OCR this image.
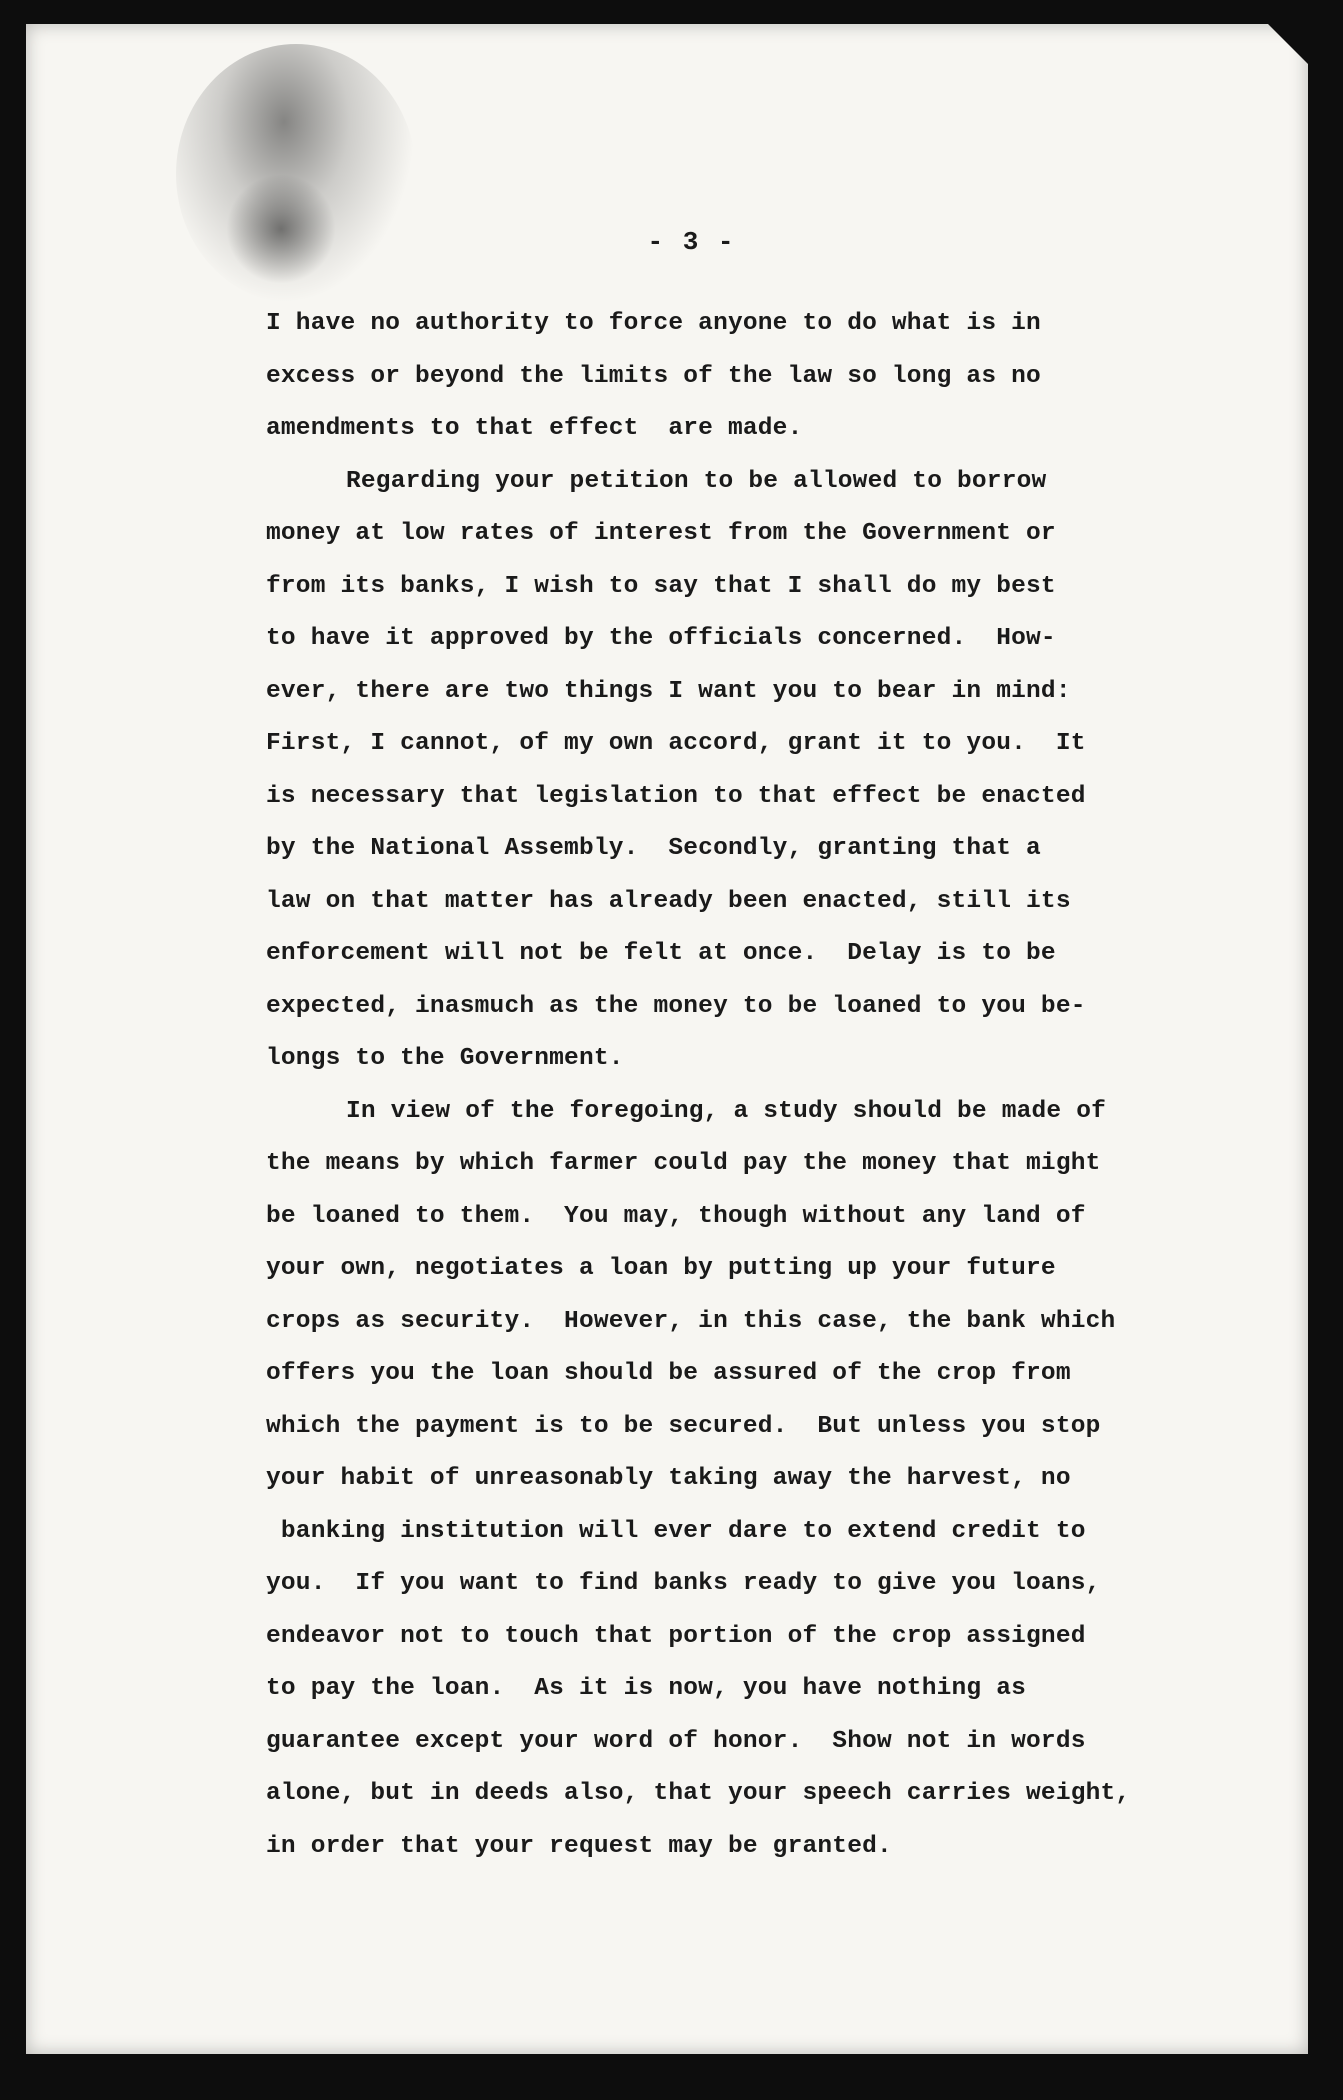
- 3 -
I have no authority to force anyone to do what is in
excess or beyond the limits of the law so long as no
amendments to that effect  are made.
Regarding your petition to be allowed to borrow
money at low rates of interest from the Government or
from its banks, I wish to say that I shall do my best
to have it approved by the officials concerned.  How-
ever, there are two things I want you to bear in mind:
First, I cannot, of my own accord, grant it to you.  It
is necessary that legislation to that effect be enacted
by the National Assembly.  Secondly, granting that a
law on that matter has already been enacted, still its
enforcement will not be felt at once.  Delay is to be
expected, inasmuch as the money to be loaned to you be-
longs to the Government.
In view of the foregoing, a study should be made of
the means by which farmer could pay the money that might
be loaned to them.  You may, though without any land of
your own, negotiates a loan by putting up your future
crops as security.  However, in this case, the bank which
offers you the loan should be assured of the crop from
which the payment is to be secured.  But unless you stop
your habit of unreasonably taking away the harvest, no
banking institution will ever dare to extend credit to
you.  If you want to find banks ready to give you loans,
endeavor not to touch that portion of the crop assigned
to pay the loan.  As it is now, you have nothing as
guarantee except your word of honor.  Show not in words
alone, but in deeds also, that your speech carries weight,
in order that your request may be granted.
